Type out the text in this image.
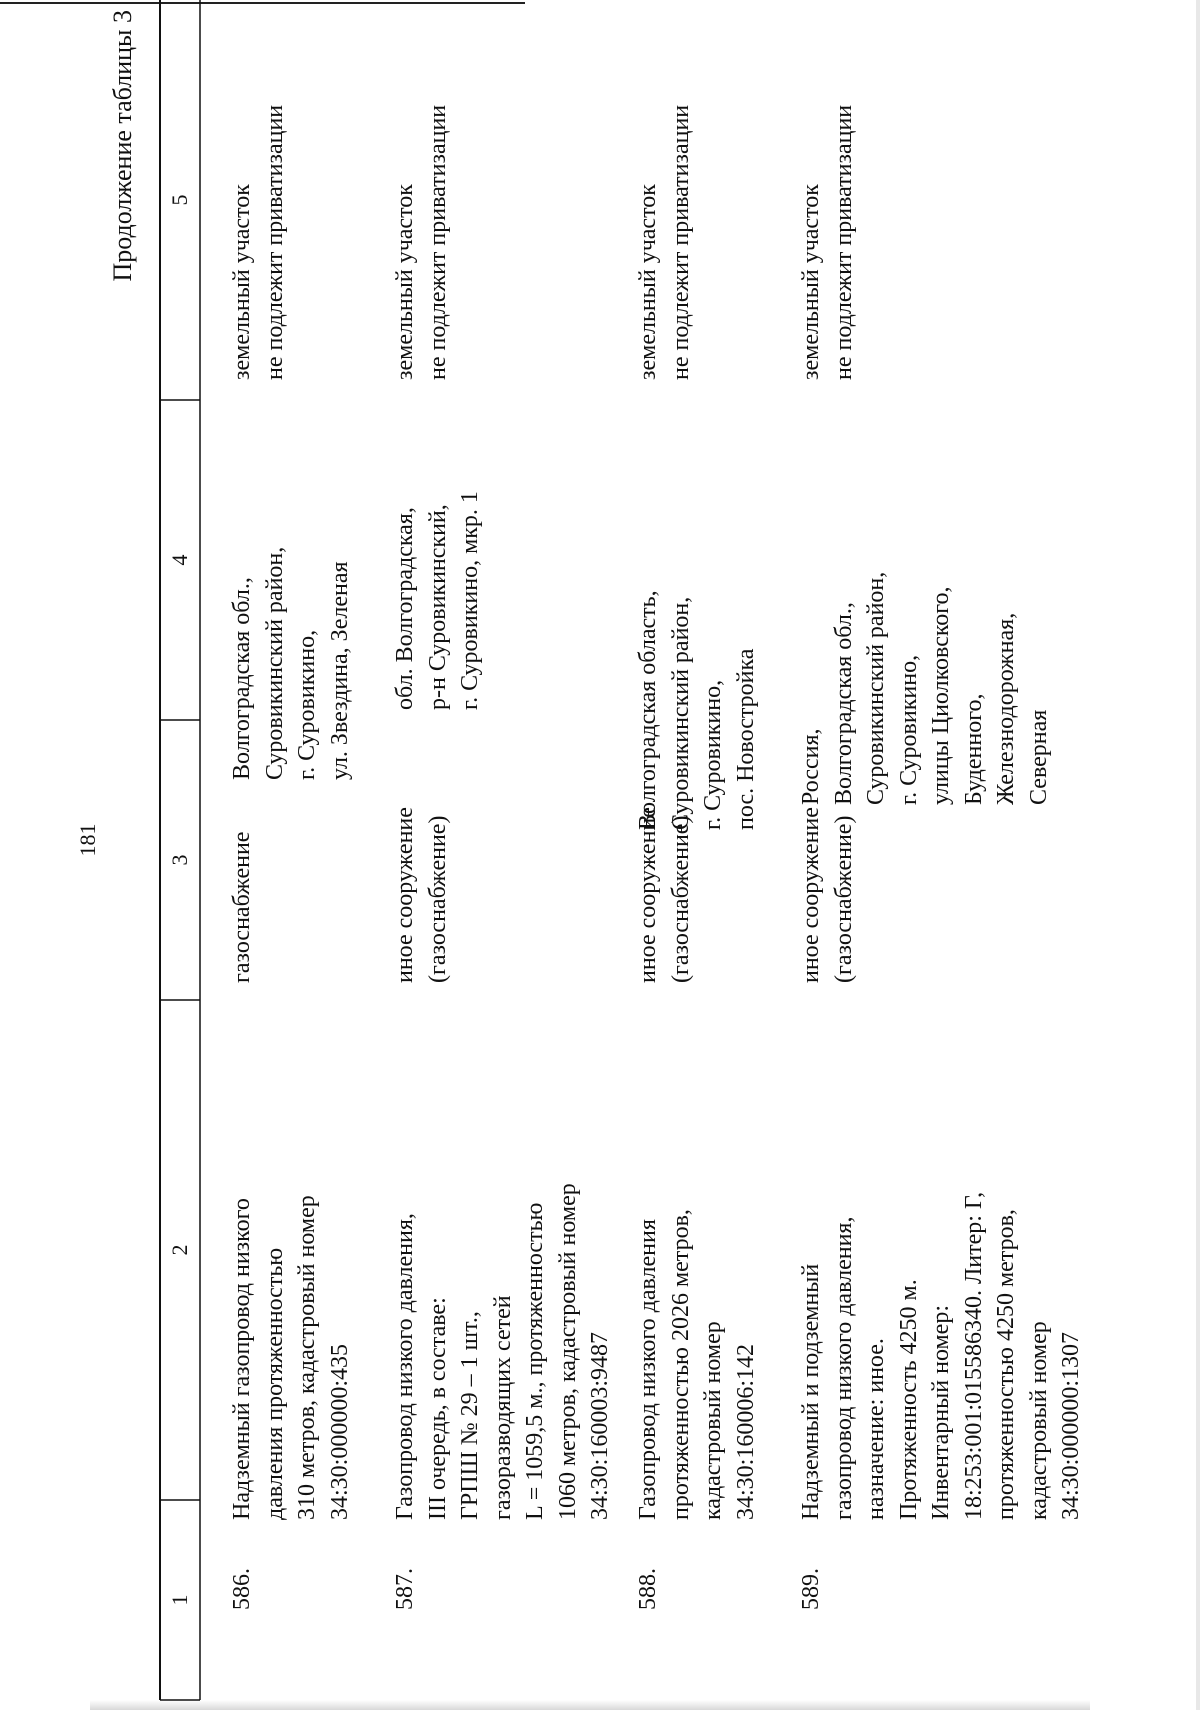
181
Продолжение таблицы 3
1
2
3
4
5
586.
Надземный газопровод низкого
давления протяженностью
310 метров, кадастровый номер
34:30:000000:435
газоснабжение
Волгоградская обл.,
Суровикинский район,
г. Суровикино,
ул. Звездина, Зеленая
земельный участок
не подлежит приватизации
587.
Газопровод низкого давления,
III очередь, в составе:
ГРПШ № 29 – 1 шт.,
газоразводящих сетей
L = 1059,5 м., протяженностью
1060 метров, кадастровый номер
34:30:160003:9487
иное сооружение
(газоснабжение)
обл. Волгоградская,
р-н Суровикинский,
г. Суровикино, мкр. 1
земельный участок
не подлежит приватизации
588.
Газопровод низкого давления
протяженностью 2026 метров,
кадастровый номер
34:30:160006:142
иное сооружение
(газоснабжение)
Волгоградская область,
Суровикинский район,
г. Суровикино,
пос. Новостройка
земельный участок
не подлежит приватизации
589.
Надземный и подземный
газопровод низкого давления,
назначение: иное.
Протяженность 4250 м.
Инвентарный номер:
18:253:001:015586340. Литер: Г,
протяженностью 4250 метров,
кадастровый номер
34:30:000000:1307
иное сооружение
(газоснабжение)
Россия,
Волгоградская обл.,
Суровикинский район,
г. Суровикино,
улицы Циолковского,
Буденного,
Железнодорожная,
Северная
земельный участок
не подлежит приватизации
